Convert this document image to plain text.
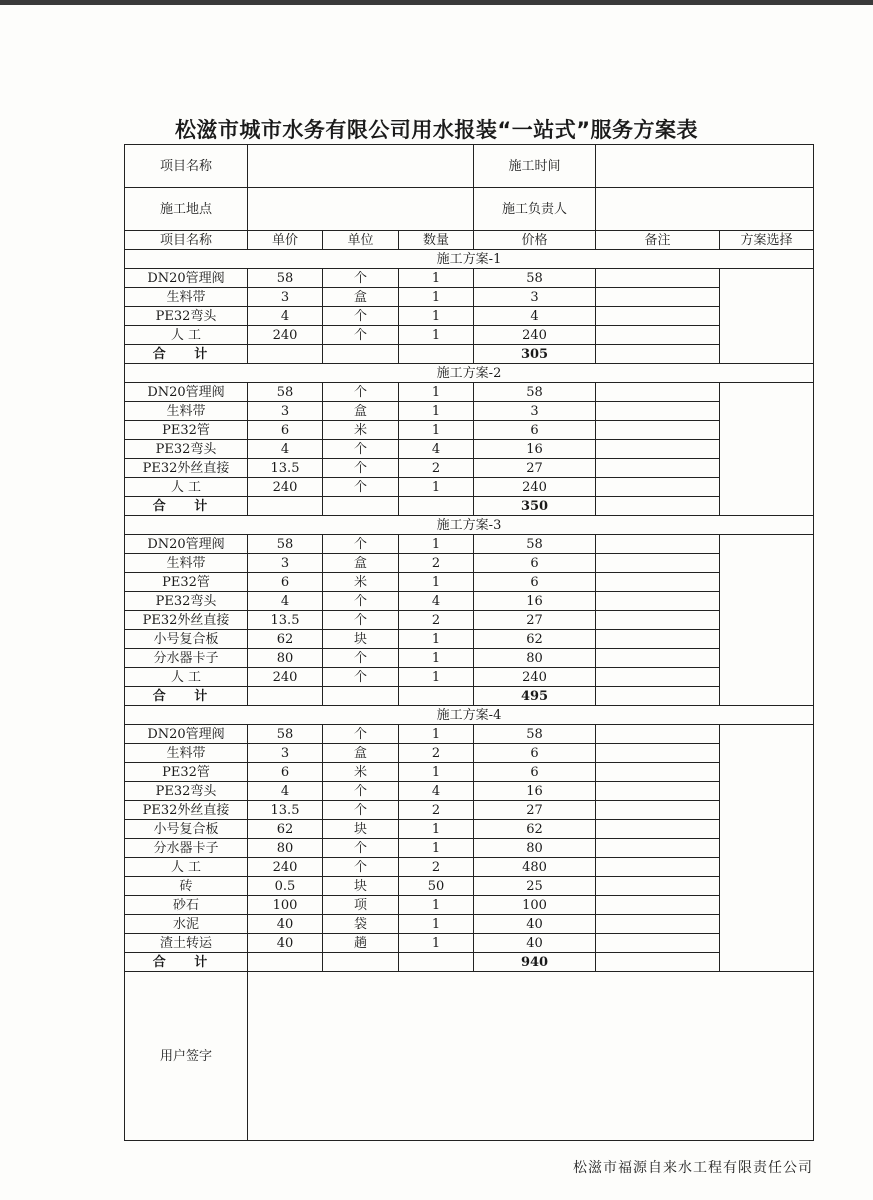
松滋市城市水务有限公司用水报装“一站式”服务方案表
项目名称				施工时间		
施工地点				施工负责人		
项目名称	单价	单位	数量	价格	备注	方案选择
施工方案-1						
DN20管理阀	58	个	1	58		
生料带	3	盒	1	3		
PE32弯头	4	个	1	4		
人 工	240	个	1	240		
合 计				305		
施工方案-2						
DN20管理阀	58	个	1	58		
生料带	3	盒	1	3		
PE32管	6	米	1	6		
PE32弯头	4	个	4	16		
PE32外丝直接	13.5	个	2	27		
人 工	240	个	1	240		
合 计				350		
施工方案-3						
DN20管理阀	58	个	1	58		
生料带	3	盒	2	6		
PE32管	6	米	1	6		
PE32弯头	4	个	4	16		
PE32外丝直接	13.5	个	2	27		
小号复合板	62	块	1	62		
分水器卡子	80	个	1	80		
人 工	240	个	1	240		
合 计				495		
施工方案-4						
DN20管理阀	58	个	1	58		
生料带	3	盒	2	6		
PE32管	6	米	1	6		
PE32弯头	4	个	4	16		
PE32外丝直接	13.5	个	2	27		
小号复合板	62	块	1	62		
分水器卡子	80	个	1	80		
人 工	240	个	2	480		
砖	0.5	块	50	25		
砂石	100	项	1	100		
水泥	40	袋	1	40		
渣土转运	40	趟	1	40		
合 计				940		
用户签字						
松滋市福源自来水工程有限责任公司
